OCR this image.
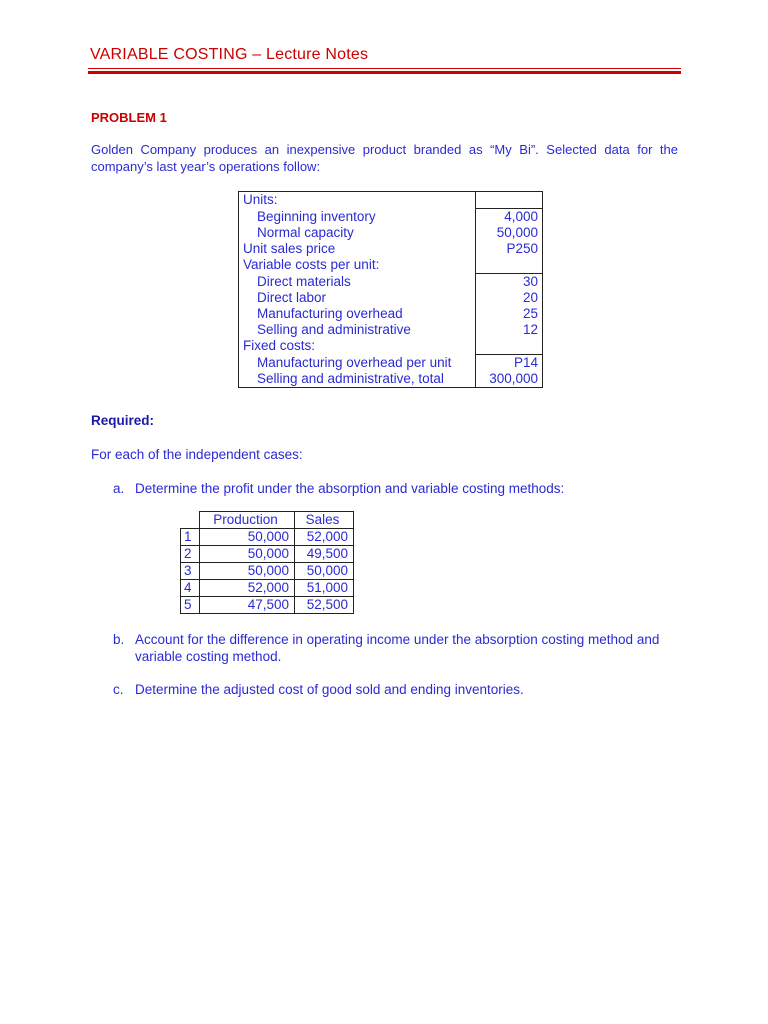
VARIABLE COSTING – Lecture Notes
PROBLEM 1
Golden Company produces an inexpensive product branded as “My Bi”. Selected data for the company’s last year’s operations follow:
Units:	
Beginning inventory	4,000
Normal capacity	50,000
Unit sales price	P250
Variable costs per unit:	
Direct materials	30
Direct labor	20
Manufacturing overhead	25
Selling and administrative	12
Fixed costs:	
Manufacturing overhead per unit	P14
Selling and administrative, total	300,000
Required:
For each of the independent cases:
a. Determine the profit under the absorption and variable costing methods:
	Production	Sales
1	50,000	52,000
2	50,000	49,500
3	50,000	50,000
4	52,000	51,000
5	47,500	52,500
b. Account for the difference in operating income under the absorption costing method and variable costing method.
c. Determine the adjusted cost of good sold and ending inventories.
